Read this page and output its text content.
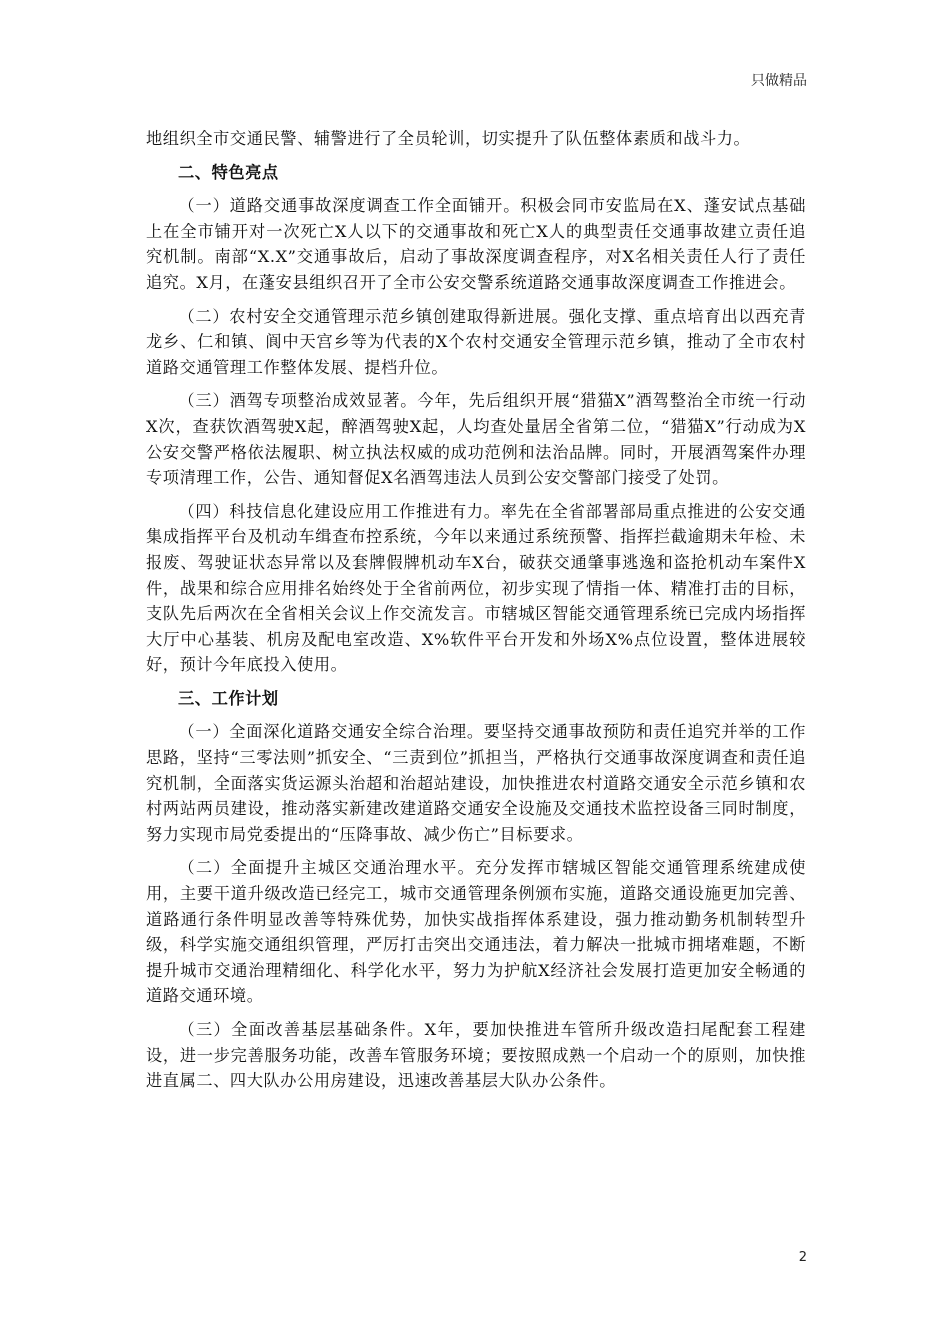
只做精品

地组织全市交通民警、辅警进行了全员轮训，切实提升了队伍整体素质和战斗力。

二、特色亮点

（一）道路交通事故深度调查工作全面铺开。积极会同市安监局在X、蓬安试点基础上在全市铺开对一次死亡X人以下的交通事故和死亡X人的典型责任交通事故建立责任追究机制。南部“X.X”交通事故后，启动了事故深度调查程序，对X名相关责任人行了责任追究。X月，在蓬安县组织召开了全市公安交警系统道路交通事故深度调查工作推进会。

（二）农村安全交通管理示范乡镇创建取得新进展。强化支撑、重点培育出以西充青龙乡、仁和镇、阆中天宫乡等为代表的X个农村交通安全管理示范乡镇，推动了全市农村道路交通管理工作整体发展、提档升位。

（三）酒驾专项整治成效显著。今年，先后组织开展“猎猫X”酒驾整治全市统一行动X次，查获饮酒驾驶X起，醉酒驾驶X起，人均查处量居全省第二位，“猎猫X”行动成为X公安交警严格依法履职、树立执法权威的成功范例和法治品牌。同时，开展酒驾案件办理专项清理工作，公告、通知督促X名酒驾违法人员到公安交警部门接受了处罚。

（四）科技信息化建设应用工作推进有力。率先在全省部署部局重点推进的公安交通集成指挥平台及机动车缉查布控系统，今年以来通过系统预警、指挥拦截逾期未年检、未报废、驾驶证状态异常以及套牌假牌机动车X台，破获交通肇事逃逸和盗抢机动车案件X件，战果和综合应用排名始终处于全省前两位，初步实现了情指一体、精准打击的目标，支队先后两次在全省相关会议上作交流发言。市辖城区智能交通管理系统已完成内场指挥大厅中心基装、机房及配电室改造、X%软件平台开发和外场X%点位设置，整体进展较好，预计今年底投入使用。

三、工作计划

（一）全面深化道路交通安全综合治理。要坚持交通事故预防和责任追究并举的工作思路，坚持“三零法则”抓安全、“三责到位”抓担当，严格执行交通事故深度调查和责任追究机制，全面落实货运源头治超和治超站建设，加快推进农村道路交通安全示范乡镇和农村两站两员建设，推动落实新建改建道路交通安全设施及交通技术监控设备三同时制度，努力实现市局党委提出的“压降事故、减少伤亡”目标要求。

（二）全面提升主城区交通治理水平。充分发挥市辖城区智能交通管理系统建成使用，主要干道升级改造已经完工，城市交通管理条例颁布实施，道路交通设施更加完善、道路通行条件明显改善等特殊优势，加快实战指挥体系建设，强力推动勤务机制转型升级，科学实施交通组织管理，严厉打击突出交通违法，着力解决一批城市拥堵难题，不断提升城市交通治理精细化、科学化水平，努力为护航X经济社会发展打造更加安全畅通的道路交通环境。

（三）全面改善基层基础条件。X年，要加快推进车管所升级改造扫尾配套工程建设，进一步完善服务功能，改善车管服务环境；要按照成熟一个启动一个的原则，加快推进直属二、四大队办公用房建设，迅速改善基层大队办公条件。

2
